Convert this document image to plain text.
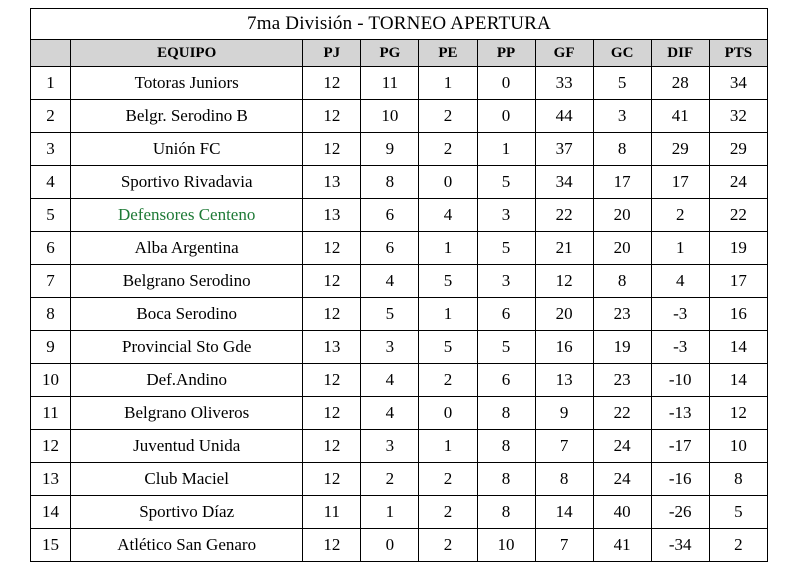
7ma División - TORNEO APERTURA									
	EQUIPO	PJ	PG	PE	PP	GF	GC	DIF	PTS
1	Totoras Juniors	12	11	1	0	33	5	28	34
2	Belgr. Serodino B	12	10	2	0	44	3	41	32
3	Unión FC	12	9	2	1	37	8	29	29
4	Sportivo Rivadavia	13	8	0	5	34	17	17	24
5	Defensores Centeno	13	6	4	3	22	20	2	22
6	Alba Argentina	12	6	1	5	21	20	1	19
7	Belgrano Serodino	12	4	5	3	12	8	4	17
8	Boca Serodino	12	5	1	6	20	23	-3	16
9	Provincial Sto Gde	13	3	5	5	16	19	-3	14
10	Def.Andino	12	4	2	6	13	23	-10	14
11	Belgrano Oliveros	12	4	0	8	9	22	-13	12
12	Juventud Unida	12	3	1	8	7	24	-17	10
13	Club Maciel	12	2	2	8	8	24	-16	8
14	Sportivo Díaz	11	1	2	8	14	40	-26	5
15	Atlético San Genaro	12	0	2	10	7	41	-34	2
